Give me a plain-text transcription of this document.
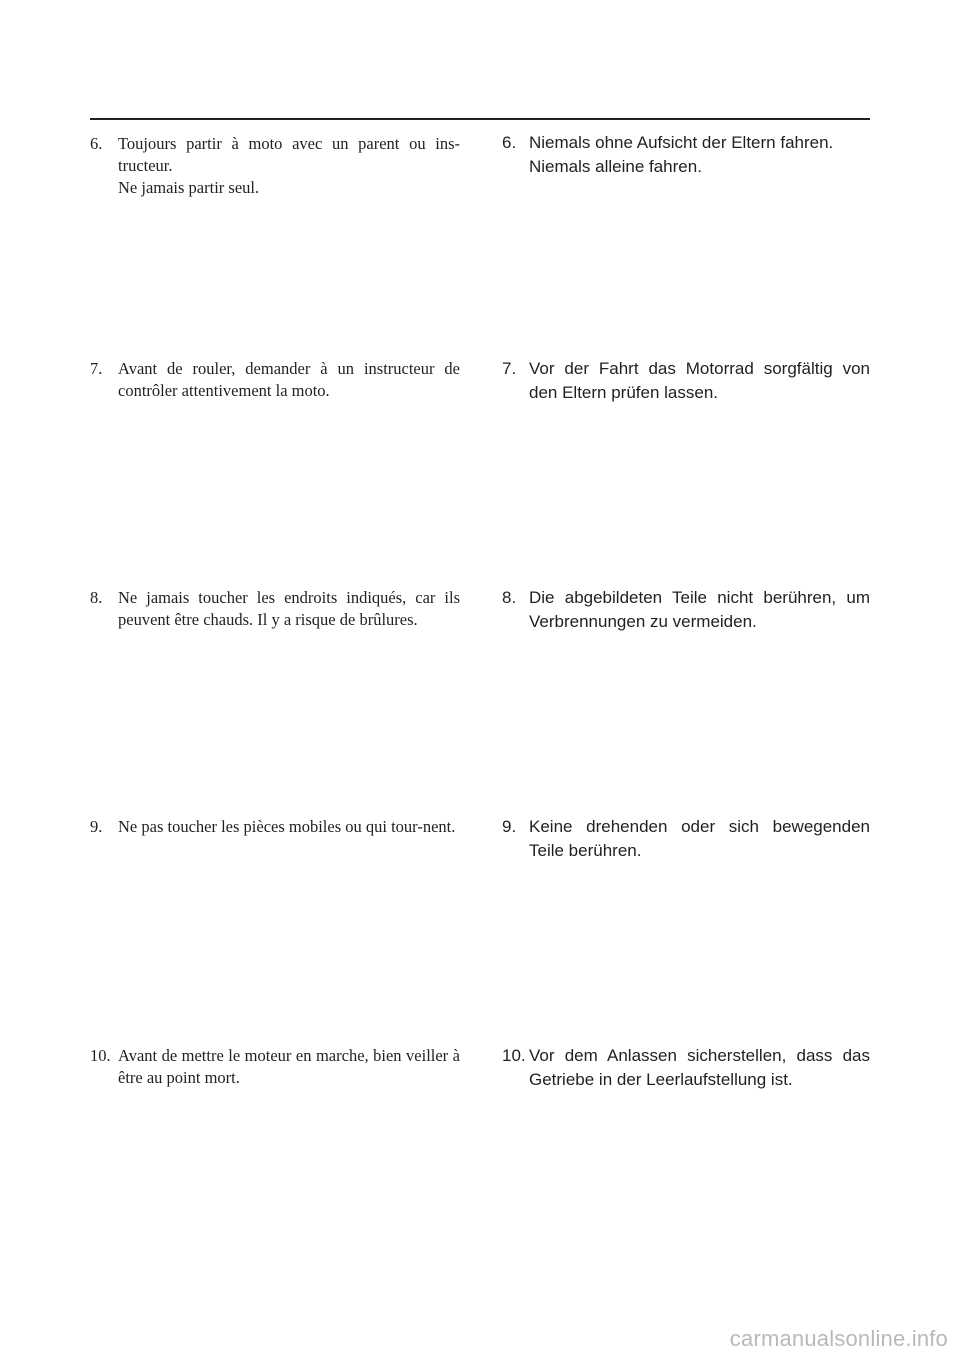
6. Toujours partir à moto avec un parent ou ins-tructeur.

Ne jamais partir seul.

7. Avant de rouler, demander à un instructeur de contrôler attentivement la moto.

8. Ne jamais toucher les endroits indiqués, car ils peuvent être chauds. Il y a risque de brûlures.

9. Ne pas toucher les pièces mobiles ou qui tour-nent.

10. Avant de mettre le moteur en marche, bien veiller à être au point mort.

6. Niemals ohne Aufsicht der Eltern fahren.

Niemals alleine fahren.

7. Vor der Fahrt das Motorrad sorgfältig von den Eltern prüfen lassen.

8. Die abgebildeten Teile nicht berühren, um Verbrennungen zu vermeiden.

9. Keine drehenden oder sich bewegenden Teile berühren.

10. Vor dem Anlassen sicherstellen, dass das Getriebe in der Leerlaufstellung ist.

carmanualsonline.info
